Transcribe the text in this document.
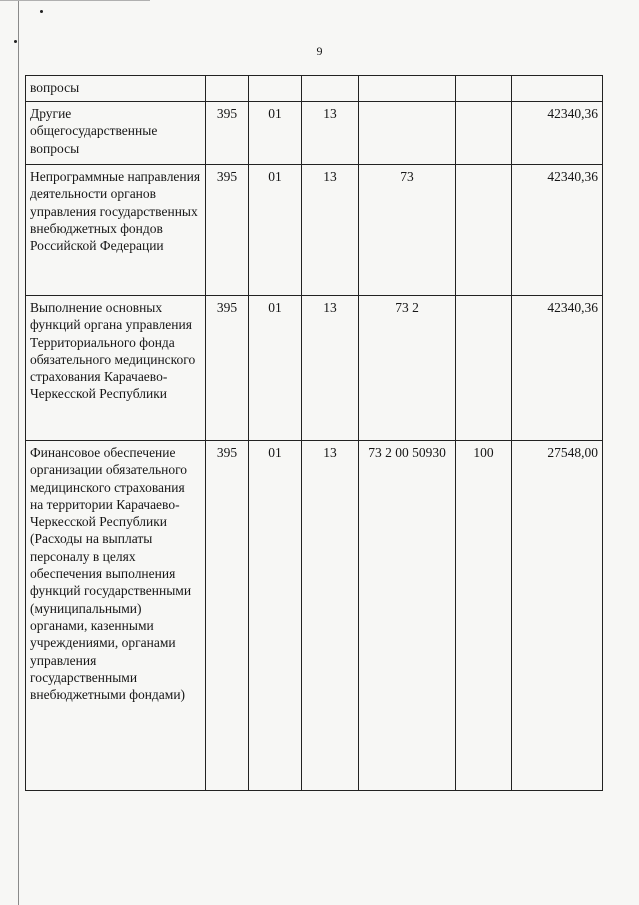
9
вопросы						
Другие общегосударственные вопросы	395	01	13			42340,36
Непрограммные направления деятельности органов управления государственных внебюджетных фондов Российской Федерации	395	01	13	73		42340,36
Выполнение основных функций органа управления Территориального фонда обязательного медицинского страхования Карачаево-Черкесской Республики	395	01	13	73 2		42340,36
Финансовое обеспечение организации обязательного медицинского страхования на территории Карачаево-Черкесской Республики (Расходы на выплаты персоналу в целях обеспечения выполнения функций государственными (муниципальными) органами, казенными учреждениями, органами управления государственными внебюджетными фондами)	395	01	13	73 2 00 50930	100	27548,00
